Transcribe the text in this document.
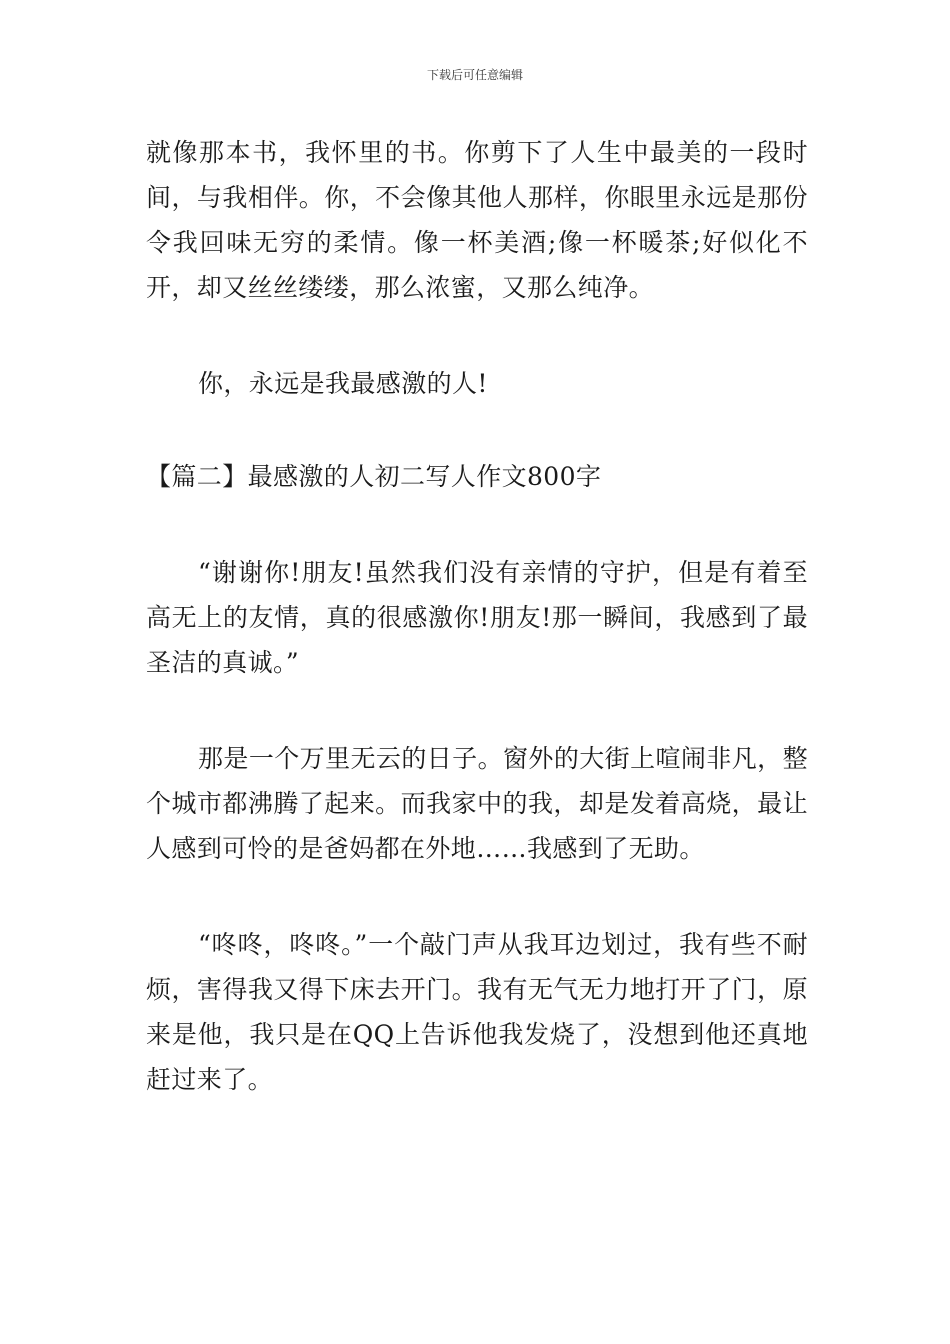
下载后可任意编辑

就像那本书，我怀里的书。你剪下了人生中最美的一段时间，与我相伴。你，不会像其他人那样，你眼里永远是那份令我回味无穷的柔情。像一杯美酒;像一杯暖茶;好似化不开，却又丝丝缕缕，那么浓蜜，又那么纯净。

你，永远是我最感激的人!

【篇二】最感激的人初二写人作文800字

“谢谢你!朋友!虽然我们没有亲情的守护，但是有着至高无上的友情，真的很感激你!朋友!那一瞬间，我感到了最圣洁的真诚。”

那是一个万里无云的日子。窗外的大街上喧闹非凡，整个城市都沸腾了起来。而我家中的我，却是发着高烧，最让人感到可怜的是爸妈都在外地……我感到了无助。

“咚咚，咚咚。”一个敲门声从我耳边划过，我有些不耐烦，害得我又得下床去开门。我有无气无力地打开了门，原来是他，我只是在QQ上告诉他我发烧了，没想到他还真地赶过来了。
